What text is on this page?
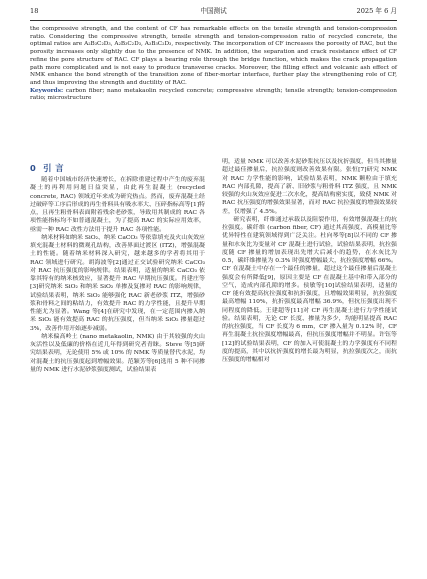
18	中国测试	2025 年 6 月

the compressive strength, and the content of CF has remarkable effects on the tensile strength and tension-compression ratio. Considering the compressive strength, tensile strength and tension-compression ratio of recycled concrete, the optimal ratios are A₂B₃C₂D₃, A₂B₃C₂D₃, A₃B₃C₂D₃, respectively. The incorporation of CF increases the porosity of RAC, but the porosity increases only slightly due to the presence of NMK. In addition, the separation and crack resistance effect of CF refine the pore structure of RAC. CF plays a bearing role through the bridge function, which makes the crack propagation path more complicated and is not easy to produce transverse cracks. Moreover, the filling effect and volcanic ash effect of NMK enhance the bond strength of the transition zone of fiber-mortar interface, further play the strengthening role of CF, and thus improving the strength and ductility of RAC.

Keywords: carbon fiber; nano metakaolin recycled concrete; compressive strength; tensile strength; tension-compression ratio; microstructure

0 引 言

随着中国城市经济快速增长，在拆除重建过程中产生的废弃混凝土的再利用问题日益突显，由此再生混凝土 (recycled concrete, RAC) 领域近年来成为研究热点。然而，废弃混凝土经过破碎等工序后形成的再生骨料具有吸水率大、压碎指标高等[1]特点，且再生粗骨料表面附着残余老砂浆，导致用其制成的 RAC 各项性能指标均不如普通混凝土，为了提高 RAC 的实际应用效率，亟需一种 RAC 改性方法用于提升 RAC 各项性能。

纳米材料如纳米 SiO₂、纳米 CaCO₃ 等依靠填充及火山灰效应填充混凝土材料的微观孔结构，改善界面过渡区 (ITZ)，增强混凝土的性能。随着纳米材料深入研究，越来越多的学者将其用于 RAC 领域进行研究。胡海波等[2]通过正交试验研究纳米 CaCO₃ 对 RAC 抗压强度的影响规律。结果表明，适量的纳米 CaCO₃ 依靠其特有的纳米核效应，显著提升 RAC 早期抗压强度。肖建庄等[3]研究纳米 SiO₂ 和纳米 SiO₂ 单掺及复掺对 RAC 的影响规律，试验结果表明，纳米 SiO₂ 能够强化 RAC 新老砂浆 ITZ，增强砂浆和骨料之间的粘结力，有效提升 RAC 的力学性能，且提升早期性能尤为显著。Wang 等[4]在研究中发现，在一定范围内掺入纳米 SiO₂ 能有效提高 RAC 的抗压强度，但当纳米 SiO₂ 掺量超过 3%，改善作用开始逐步减弱。

纳米偏高岭土 (nano metakaolin, NMK) 由于其较强的火山灰活性以及低廉的价格在近几年得到研究者青睐。Steve 等[5]研究结果表明，无论使用 5% 或 10% 的 NMK 等质量替代水泥，均对混凝土的抗压强度起到增幅效果。范颖芳等[6]选用 5 种不同掺量的 NMK 进行水泥砂浆强度测试，试验结果表

明，适量 NMK 可以改善水泥砂浆抗压以及抗折强度，但当其掺量超过最佳掺量后，抗拉强度则改善效果有限。张恒[7]研究 NMK 对 RAC 力学性能的影响，试验结果表明，NMK 颗粒由于填充 RAC 内部孔隙，提高了新、旧砂浆与粗骨料 ITZ 强度，且 NMK 较强的火山灰效应促进二次水化，提高结构密实度，致使 NMK 对 RAC 抗压强度的增强效果显著，而对 RAC 抗拉强度的增强效果较差，仅增强了 4.5%。

研究表明，纤维通过承载以及阻裂作用，有效增强混凝土的抗拉强度。碳纤维 (carbon fiber, CF) 通过其高强度、高模量比等优异特性在建筑领域得到广泛关注。杜向琴等[8]以不同的 CF 掺量和水灰比为变量对 CF 混凝土进行试验，试验结果表明，抗拉强度随 CF 掺量的增加表现出先增大后减小的趋势，在水灰比为 0.5，碳纤维掺量为 0.3% 时强度增幅最大，抗拉强度增幅 66%。CF 在混凝土中存在一个最佳的掺量，超过这个最佳掺量后混凝土强度会有所降低[9]，原因主要是 CF 在混凝土基中和带入部分的空气，造成内部孔隙的增多。侯敏等[10]试验结果表明，适量的 CF 能有效提高抗拉强度和抗折强度，且增幅效果明显，抗拉强度最高增幅 110%，抗折强度最高增幅 36.9%，但抗压强度出现不同程度的降低。王建超等[11]对 CF 再生混凝土进行力学性能试验。结果表明，无论 CF 长度、掺量为多少，均能明显提高 RAC 的抗拉强度，当 CF 长度为 6 mm，CF 掺入量为 0.12% 时，CF 再生混凝土抗拉强度增幅最高，但抗压强度增幅并不明显。许钰等[12]的试验结果表明，CF 的加入可使混凝土的力学强度有不同程度的提高，其中以抗折强度的增长最为明显，抗拉强度次之，而抗压强度的增幅相对
